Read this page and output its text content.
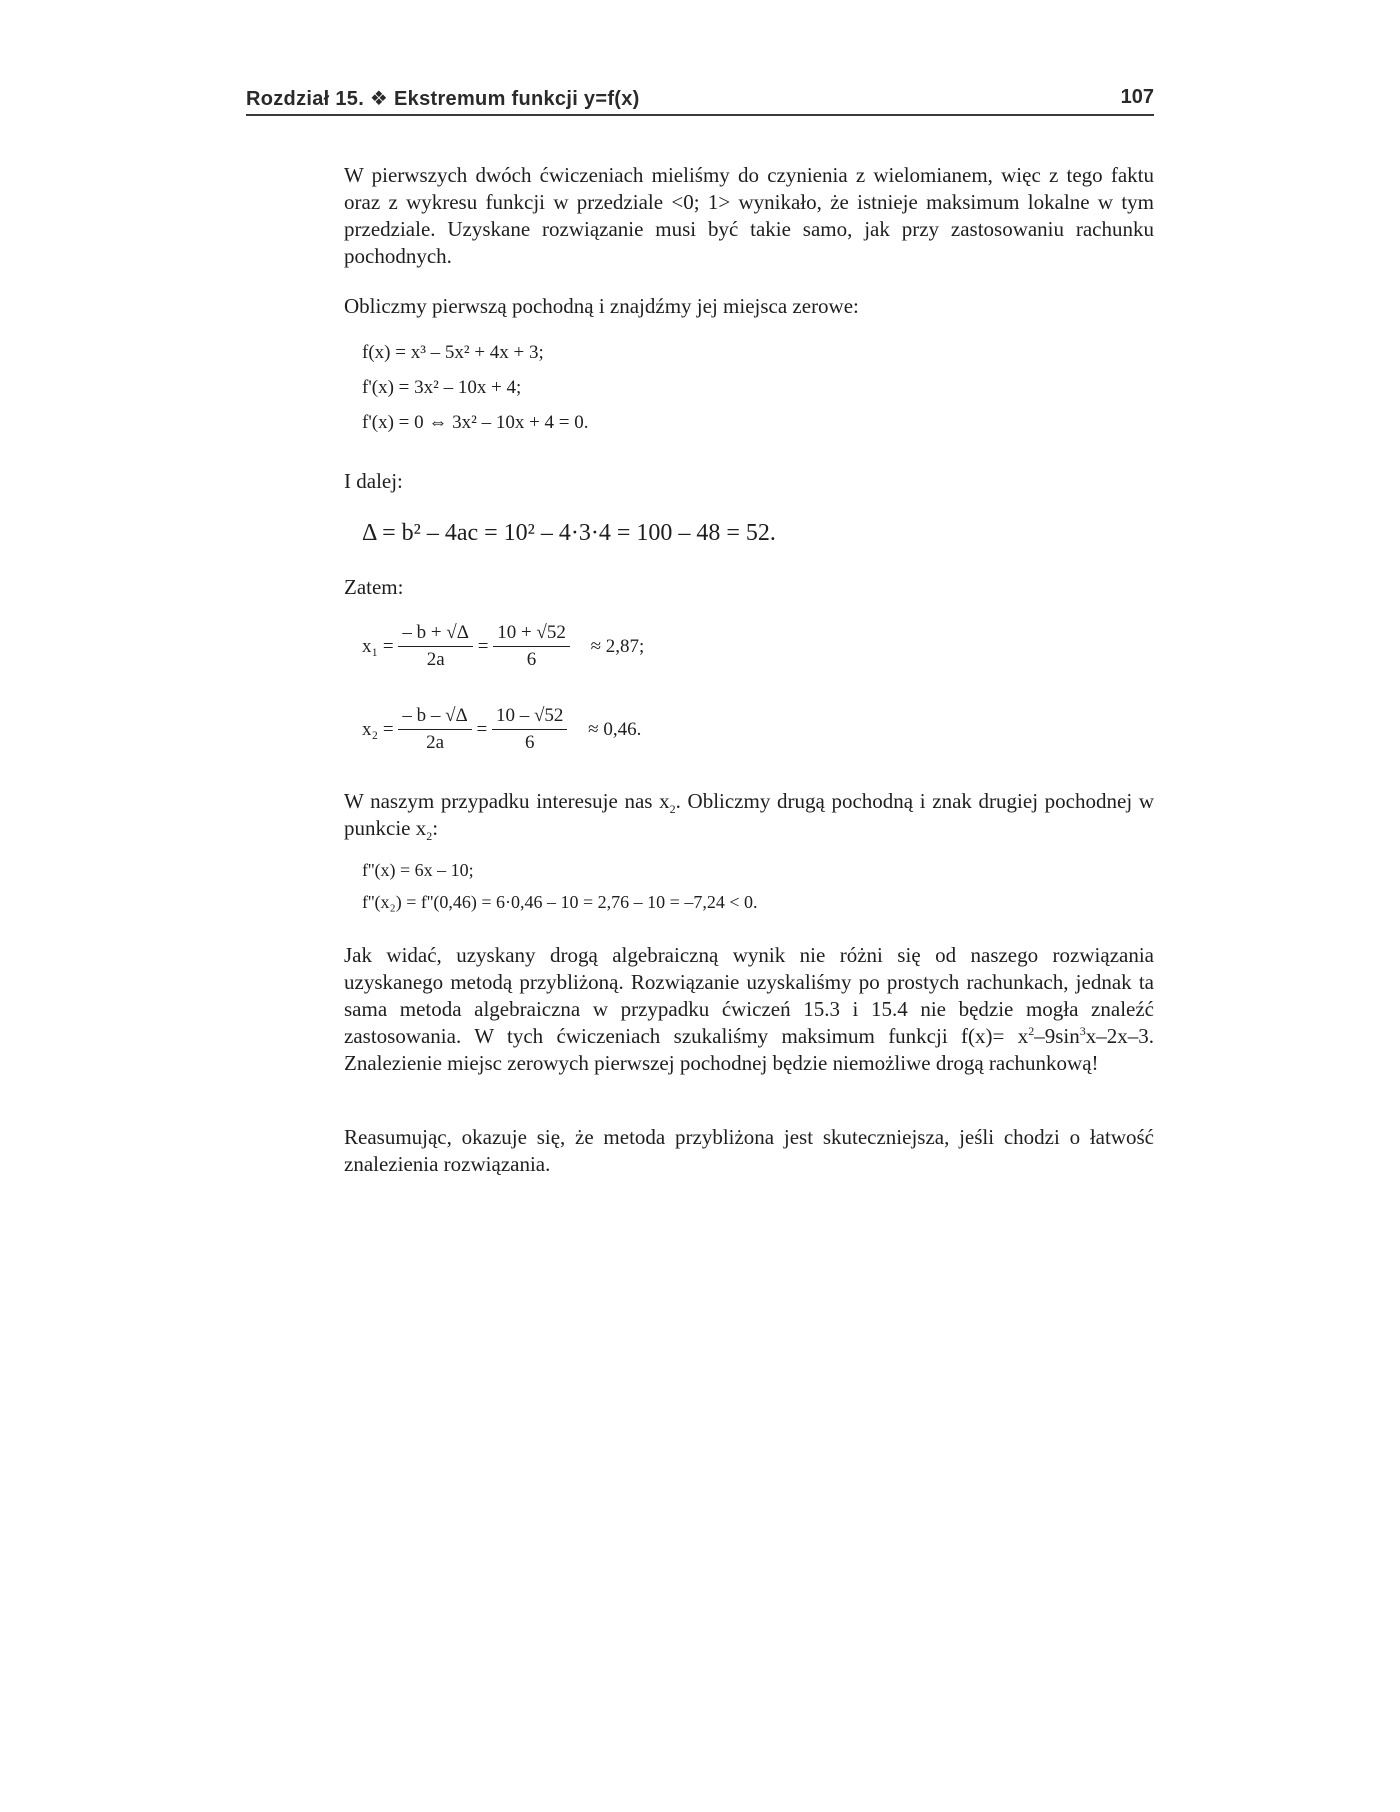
Rozdział 15. ❖ Ekstremum funkcji y=f(x)	107

W pierwszych dwóch ćwiczeniach mieliśmy do czynienia z wielomianem, więc z tego faktu oraz z wykresu funkcji w przedziale <0; 1> wynikało, że istnieje maksimum lokalne w tym przedziale. Uzyskane rozwiązanie musi być takie samo, jak przy zastosowaniu rachunku pochodnych.

Obliczmy pierwszą pochodną i znajdźmy jej miejsca zerowe:

f(x) = x³ – 5x² + 4x + 3;
f'(x) = 3x² – 10x + 4;
f'(x) = 0 ⇔ 3x² – 10x + 4 = 0.

I dalej:

Δ = b² – 4ac = 10² – 4·3·4 = 100 – 48 = 52.

Zatem:

$x_1 = \frac{- b + √\Delta}{2a} = \frac{10 + √52}{6} \approx 2,87$;
$x_2 = \frac{- b - √\Delta}{2a} = \frac{10 - √52}{6} \approx 0,46$.

W naszym przypadku interesuje nas $x_2$. Obliczmy drugą pochodną i znak drugiej pochodnej w punkcie $x_2$:

f''(x) = 6x – 10;
f''(x₂) = f''(0,46) = 6·0,46 – 10 = 2,76 – 10 = –7,24 < 0.

Jak widać, uzyskany drogą algebraiczną wynik nie różni się od naszego rozwiązania uzyskanego metodą przybliżoną. Rozwiązanie uzyskaliśmy po prostych rachunkach, jednak ta sama metoda algebraiczna w przypadku ćwiczeń 15.3 i 15.4 nie będzie mogła znaleźć zastosowania. W tych ćwiczeniach szukaliśmy maksimum funkcji $f(x)= x^2-9\sin^3x-2x-3$. Znalezienie miejsc zerowych pierwszej pochodnej będzie niemożliwe drogą rachunkową!

Reasumując, okazuje się, że metoda przybliżona jest skuteczniejsza, jeśli chodzi o łatwość znalezienia rozwiązania.
